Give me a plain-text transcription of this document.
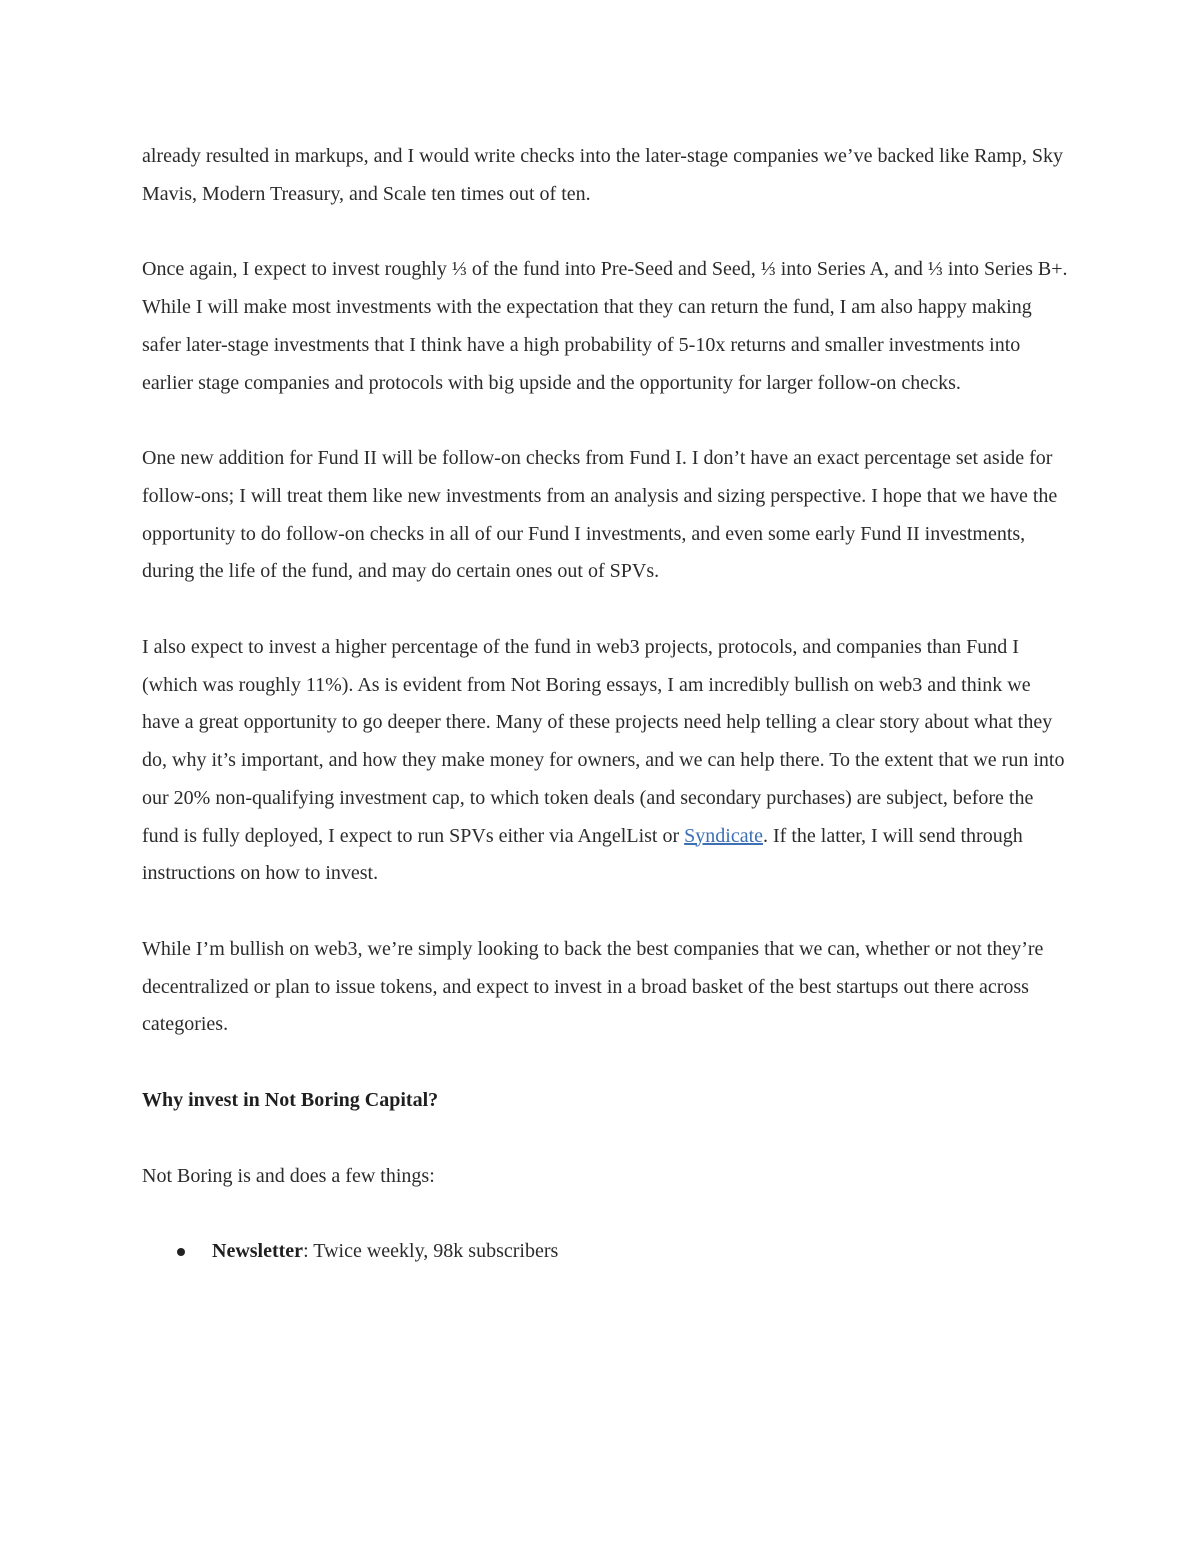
already resulted in markups, and I would write checks into the later-stage companies we’ve backed like Ramp, Sky Mavis, Modern Treasury, and Scale ten times out of ten.

Once again, I expect to invest roughly ⅓ of the fund into Pre-Seed and Seed, ⅓ into Series A, and ⅓ into Series B+. While I will make most investments with the expectation that they can return the fund, I am also happy making safer later-stage investments that I think have a high probability of 5-10x returns and smaller investments into earlier stage companies and protocols with big upside and the opportunity for larger follow-on checks.

One new addition for Fund II will be follow-on checks from Fund I. I don’t have an exact percentage set aside for follow-ons; I will treat them like new investments from an analysis and sizing perspective. I hope that we have the opportunity to do follow-on checks in all of our Fund I investments, and even some early Fund II investments, during the life of the fund, and may do certain ones out of SPVs.

I also expect to invest a higher percentage of the fund in web3 projects, protocols, and companies than Fund I (which was roughly 11%). As is evident from Not Boring essays, I am incredibly bullish on web3 and think we have a great opportunity to go deeper there. Many of these projects need help telling a clear story about what they do, why it’s important, and how they make money for owners, and we can help there. To the extent that we run into our 20% non-qualifying investment cap, to which token deals (and secondary purchases) are subject, before the fund is fully deployed, I expect to run SPVs either via AngelList or Syndicate. If the latter, I will send through instructions on how to invest.

While I’m bullish on web3, we’re simply looking to back the best companies that we can, whether or not they’re decentralized or plan to issue tokens, and expect to invest in a broad basket of the best startups out there across categories.

Why invest in Not Boring Capital?

Not Boring is and does a few things:

Newsletter: Twice weekly, 98k subscribers
